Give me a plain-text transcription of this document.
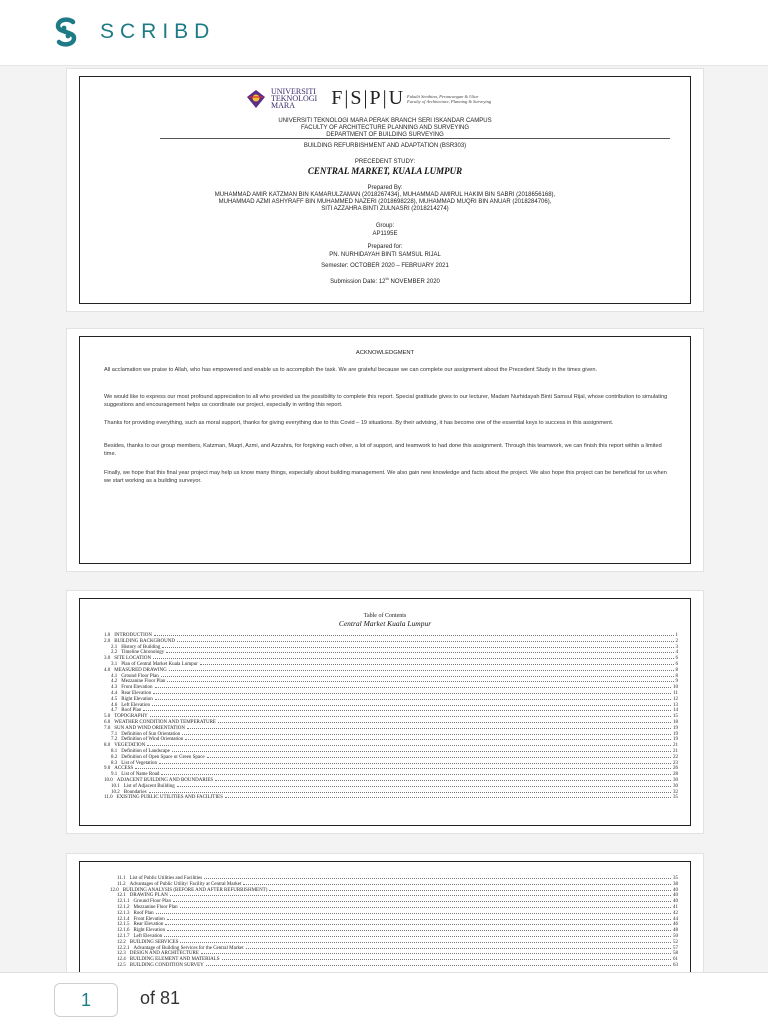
SCRIBD
UNIVERSITI
TEKNOLOGI
MARA	F|S|P|U Fakulti Senibina, Perancangan & Ukur
Faculty of Architecture, Planning & Surveying
UNIVERSITI TEKNOLOGI MARA PERAK BRANCH SERI ISKANDAR CAMPUS
FACULTY OF ARCHITECTURE PLANNING AND SURVEYING
DEPARTMENT OF BUILDING SURVEYING
BUILDING REFURBISHMENT AND ADAPTATION (BSR303)
PRECEDENT STUDY:
CENTRAL MARKET, KUALA LUMPUR
Prepared By:
MUHAMMAD AMIR KATZMAN BIN KAMARULZAMAN (2018267434), MUHAMMAD AMIRUL HAKIM BIN SABRI (2018656168),
MUHAMMAD AZMI ASHYRAFF BIN MUHAMMED NAZERI (2018698228), MUHAMMAD MUQRI BIN ANUAR (2018284706),
SITI AZZAHRA BINTI ZULNASRI (2018214274)
Group:
AP1195E
Prepared for:
PN. NURHIDAYAH BINTI SAMSUL RIJAL
Semester: OCTOBER 2020 – FEBRUARY 2021
Submission Date: 12th NOVEMBER 2020
ACKNOWLEDGMENT
All acclamation we praise to Allah, who has empowered and enable us to accomplish the task. We are grateful because we can complete our assignment about the Precedent Study in the times given.
We would like to express our most profound appreciation to all who provided us the possibility to complete this report. Special gratitude gives to our lecturer, Madam Nurhidayah Binti Samsul Rijal, whose contribution to simulating suggestions and encouragement helps us coordinate our project, especially in writing this report.
Thanks for providing everything, such as moral support, thanks for giving everything due to this Covid – 19 situations. By their advising, it has become one of the essential keys to success in this assignment.
Besides, thanks to our group members, Katzman, Muqri, Azmi, and Azzahra, for forgiving each other, a lot of support, and teamwork to had done this assignment. Through this teamwork, we can finish this report within a limited time.
Finally, we hope that this final year project may help us know many things, especially about building management. We also gain new knowledge and facts about the project. We also hope this project can be beneficial for us when we start working as a building surveyor.
Table of Contents
Central Market Kuala Lumpur
1.0 INTRODUCTION	1
2.0 BUILDING BACKGROUND	2
2.1 History of Building	3
2.2 Timeline Chronology	4
3.0 SITE LOCATION	6
3.1 Plan of Central Market Kuala Lumpur	6
4.0 MEASURED DRAWING	8
4.1 Ground Floor Plan	8
4.2 Mezzanine Floor Plan	9
4.3 Front Elevation	10
4.4 Rear Elevation	11
4.5 Right Elevation	12
4.6 Left Elevation	13
4.7 Roof Plan	14
5.0 TOPOGRAPHY	15
6.0 WEATHER CONDITION AND TEMPERATURE	18
7.0 SUN AND WIND ORIENTATION	19
7.1 Definition of Sun Orientation	19
7.2 Definition of Wind Orientation	19
8.0 VEGETATION	21
8.1 Definition of Landscape	21
8.2 Definition of Open Space or Green Space	22
8.3 List of Vegetation	23
9.0 ACCESS	26
9.1 List of Name Road	28
10.0 ADJACENT BUILDING AND BOUNDARIES	30
10.1 List of Adjacent Building	30
10.2 Boundaries	32
11.0 EXISTING PUBLIC UTILITIES AND FACILITIES	35
11.1 List of Public Utilities and Facilities	35
11.2 Advantages of Public Utility/ Facility at Central Market	38
12.0 BUILDING ANALYSIS (BEFORE AND AFTER REFURBISHMENT)	40
12.1 DRAWING PLAN	40
12.1.1 Ground Floor Plan	40
12.1.2 Mezzanine Floor Plan	41
12.1.3 Roof Plan	42
12.1.4 Front Elevation	44
12.1.5 Rear Elevation	46
12.1.6 Right Elevation	48
12.1.7 Left Elevation	50
12.2 BUILDING SERVICES	52
12.2.1 Advantage of Building Services for the Central Market	57
12.3 DESIGN AND ARCHITECTURE	58
12.4 BUILDING ELEMENT AND MATERIALS	61
12.5 BUILDING CONDITION SURVEY	63
1	of 81
